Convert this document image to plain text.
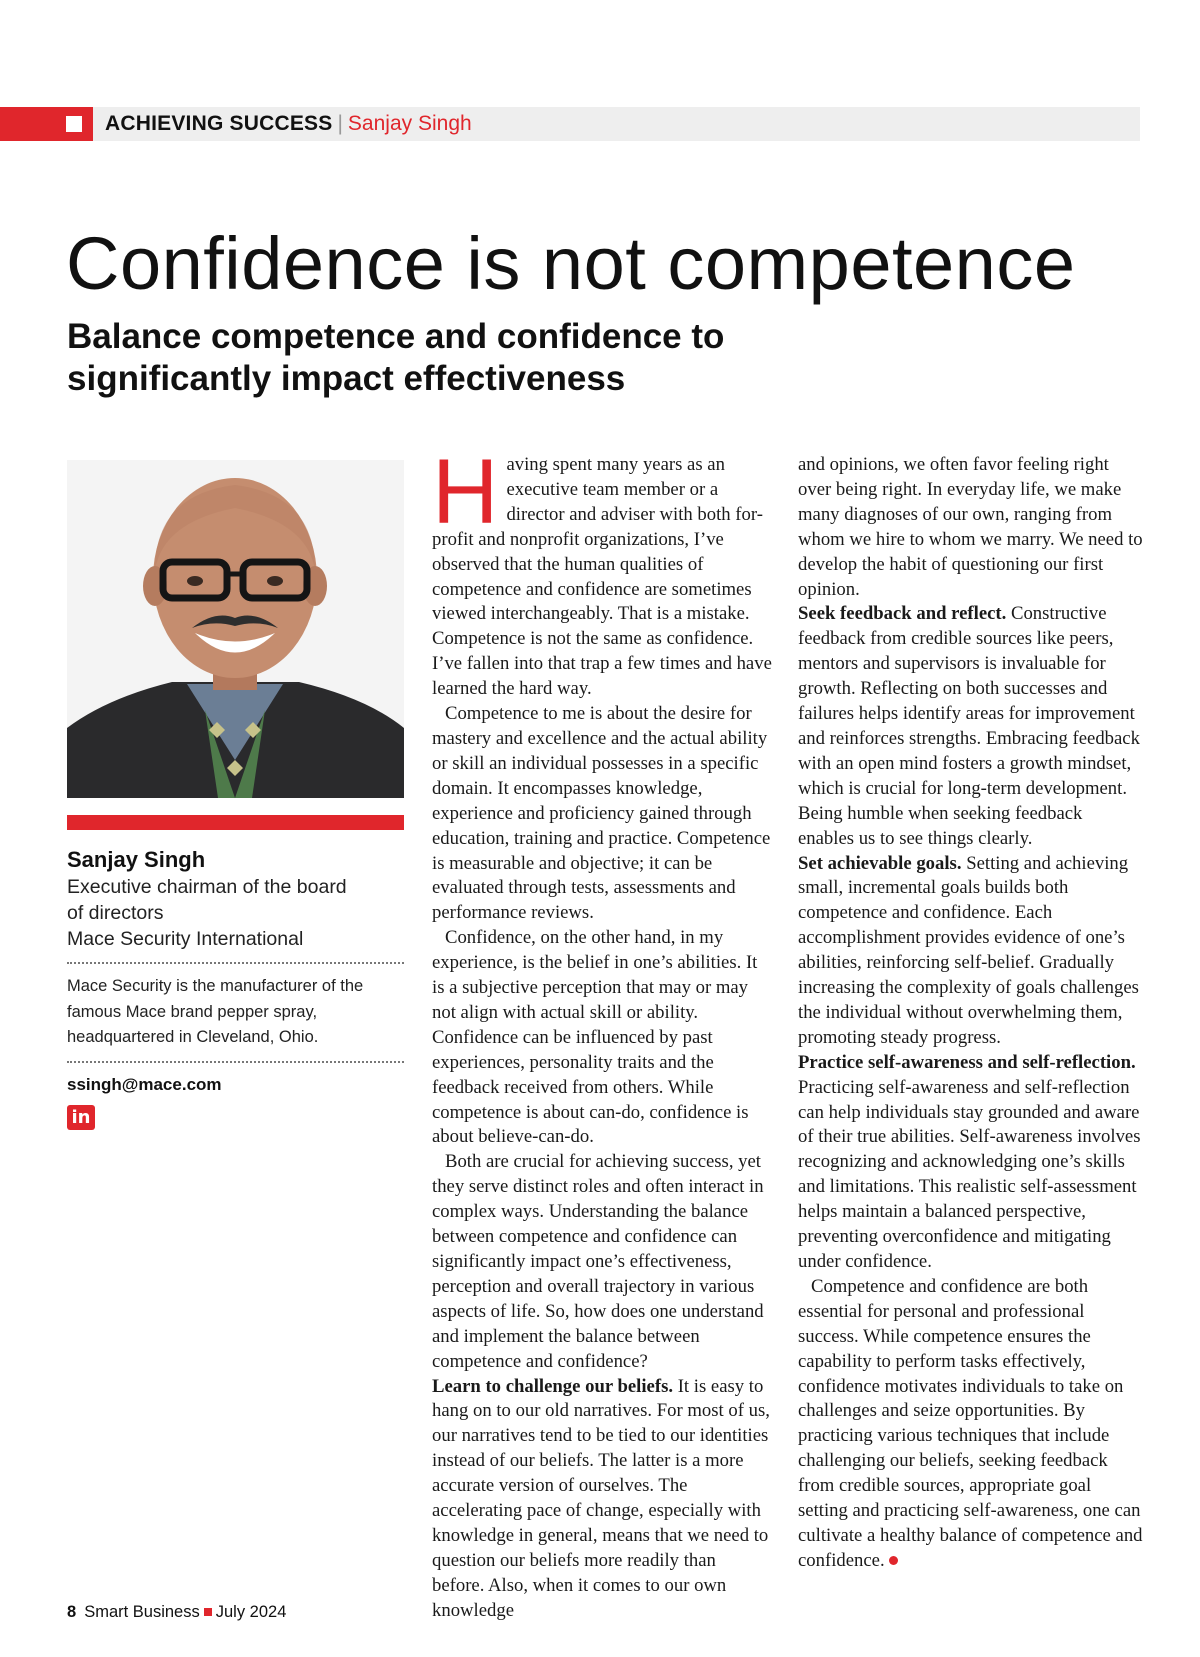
ACHIEVING SUCCESS | Sanjay Singh
Confidence is not competence
Balance competence and confidence to significantly impact effectiveness
Sanjay Singh
Executive chairman of the board
of directors
Mace Security International
Mace Security is the manufacturer of the famous Mace brand pepper spray, headquartered in Cleveland, Ohio.
ssingh@mace.com
in

Having spent many years as an executive team member or a director and adviser with both for-profit and nonprofit organizations, I’ve observed that the human qualities of competence and confidence are sometimes viewed interchangeably. That is a mistake. Competence is not the same as confidence. I’ve fallen into that trap a few times and have learned the hard way.

Competence to me is about the desire for mastery and excellence and the actual ability or skill an individual possesses in a specific domain. It encompasses knowledge, experience and proficiency gained through education, training and practice. Competence is measurable and objective; it can be evaluated through tests, assessments and performance reviews.

Confidence, on the other hand, in my experience, is the belief in one’s abilities. It is a subjective perception that may or may not align with actual skill or ability. Confidence can be influenced by past experiences, personality traits and the feedback received from others. While competence is about can-do, confidence is about believe-can-do.

Both are crucial for achieving success, yet they serve distinct roles and often interact in complex ways. Understanding the balance between competence and confidence can significantly impact one’s effectiveness, perception and overall trajectory in various aspects of life. So, how does one understand and implement the balance between competence and confidence?

Learn to challenge our beliefs. It is easy to hang on to our old narratives. For most of us, our narratives tend to be tied to our identities instead of our beliefs. The latter is a more accurate version of ourselves. The accelerating pace of change, especially with knowledge in general, means that we need to question our beliefs more readily than before. Also, when it comes to our own knowledge

and opinions, we often favor feeling right over being right. In everyday life, we make many diagnoses of our own, ranging from whom we hire to whom we marry. We need to develop the habit of questioning our first opinion.

Seek feedback and reflect. Constructive feedback from credible sources like peers, mentors and supervisors is invaluable for growth. Reflecting on both successes and failures helps identify areas for improvement and reinforces strengths. Embracing feedback with an open mind fosters a growth mindset, which is crucial for long-term development. Being humble when seeking feedback enables us to see things clearly.

Set achievable goals. Setting and achieving small, incremental goals builds both competence and confidence. Each accomplishment provides evidence of one’s abilities, reinforcing self-belief. Gradually increasing the complexity of goals challenges the individual without overwhelming them, promoting steady progress.

Practice self-awareness and self-reflection. Practicing self-awareness and self-reflection can help individuals stay grounded and aware of their true abilities. Self-awareness involves recognizing and acknowledging one’s skills and limitations. This realistic self-assessment helps maintain a balanced perspective, preventing overconfidence and mitigating under confidence.

Competence and confidence are both essential for personal and professional success. While competence ensures the capability to perform tasks effectively, confidence motivates individuals to take on challenges and seize opportunities. By practicing various techniques that include challenging our beliefs, seeking feedback from credible sources, appropriate goal setting and practicing self-awareness, one can cultivate a healthy balance of competence and confidence.

8 Smart Business July 2024
